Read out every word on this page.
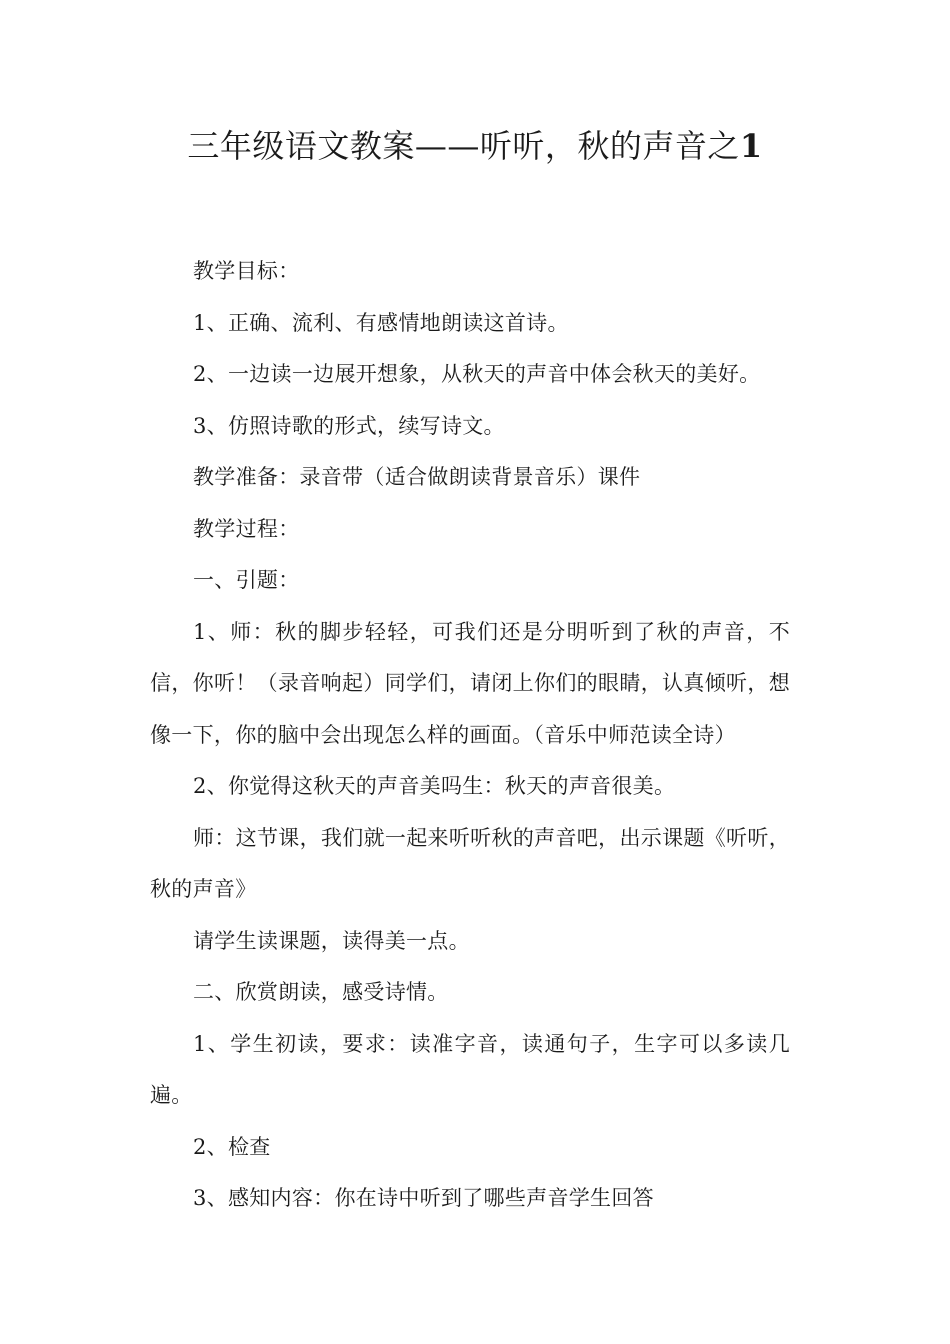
三年级语文教案——听听，秋的声音之1

教学目标：

1、正确、流利、有感情地朗读这首诗。

2、一边读一边展开想象，从秋天的声音中体会秋天的美好。

3、仿照诗歌的形式，续写诗文。

教学准备：录音带（适合做朗读背景音乐）课件

教学过程：

一、引题：

1、师：秋的脚步轻轻，可我们还是分明听到了秋的声音，不信，你听！（录音响起）同学们，请闭上你们的眼睛，认真倾听，想像一下，你的脑中会出现怎么样的画面。（音乐中师范读全诗）

2、你觉得这秋天的声音美吗生：秋天的声音很美。

师：这节课，我们就一起来听听秋的声音吧，出示课题《听听，秋的声音》

请学生读课题，读得美一点。

二、欣赏朗读，感受诗情。

1、学生初读，要求：读准字音，读通句子，生字可以多读几遍。

2、检查

3、感知内容：你在诗中听到了哪些声音学生回答
